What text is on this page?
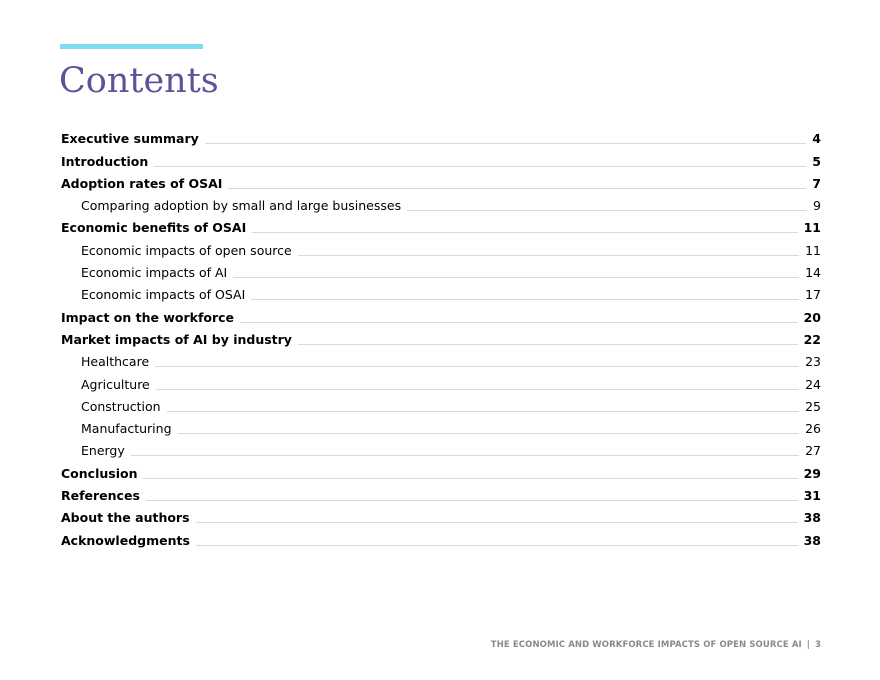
Contents
Executive summary	4
Introduction	5
Adoption rates of OSAI	7
Comparing adoption by small and large businesses	9
Economic benefits of OSAI	11
Economic impacts of open source	11
Economic impacts of AI	14
Economic impacts of OSAI	17
Impact on the workforce	20
Market impacts of AI by industry	22
Healthcare	23
Agriculture	24
Construction	25
Manufacturing	26
Energy	27
Conclusion	29
References	31
About the authors	38
Acknowledgments	38
THE ECONOMIC AND WORKFORCE IMPACTS OF OPEN SOURCE AI | 3
